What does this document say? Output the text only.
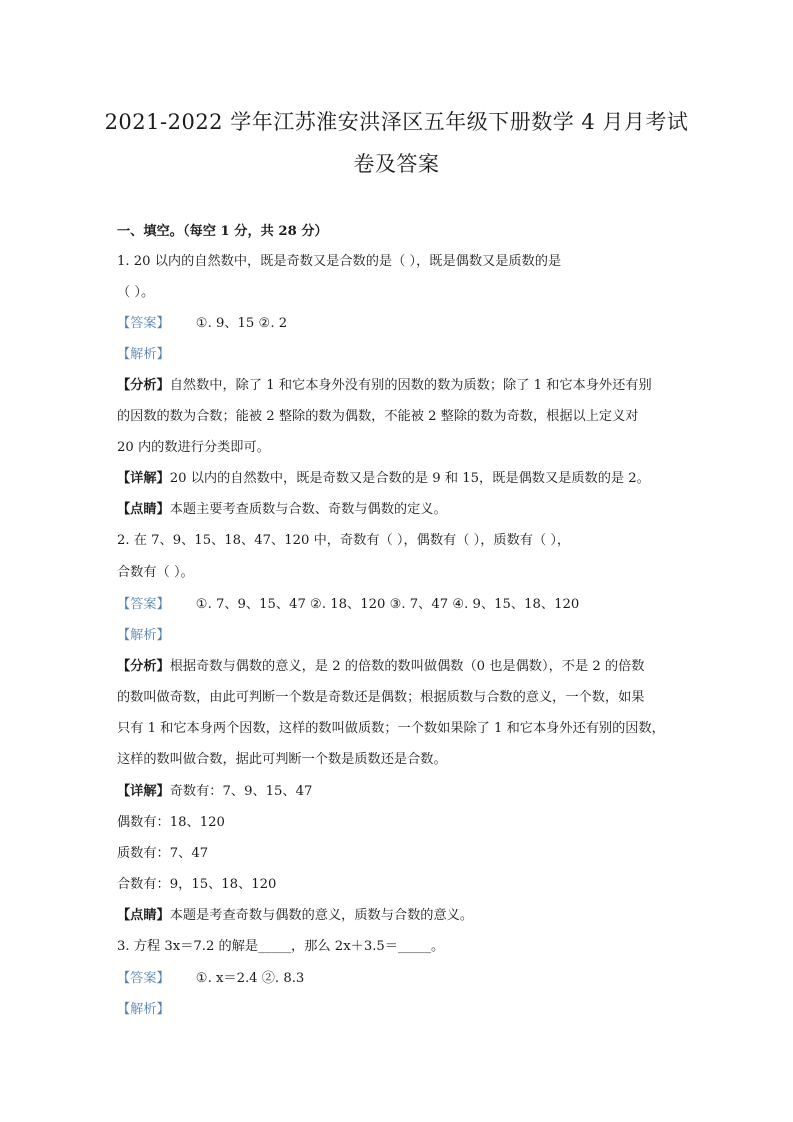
2021-2022 学年江苏淮安洪泽区五年级下册数学 4 月月考试
卷及答案
一、填空。（每空 1 分，共 28 分）
1. 20 以内的自然数中，既是奇数又是合数的是（ ），既是偶数又是质数的是
（ ）。
【答案】 ①. 9、15 ②. 2
【解析】
【分析】自然数中，除了 1 和它本身外没有别的因数的数为质数；除了 1 和它本身外还有别
的因数的数为合数；能被 2 整除的数为偶数，不能被 2 整除的数为奇数，根据以上定义对
20 内的数进行分类即可。
【详解】20 以内的自然数中，既是奇数又是合数的是 9 和 15，既是偶数又是质数的是 2。
【点睛】本题主要考查质数与合数、奇数与偶数的定义。
2. 在 7、9、15、18、47、120 中，奇数有（ ），偶数有（ ），质数有（ ），
合数有（ ）。
【答案】 ①. 7、9、15、47 ②. 18、120 ③. 7、47 ④. 9、15、18、120
【解析】
【分析】根据奇数与偶数的意义，是 2 的倍数的数叫做偶数（0 也是偶数），不是 2 的倍数
的数叫做奇数，由此可判断一个数是奇数还是偶数；根据质数与合数的意义，一个数，如果
只有 1 和它本身两个因数，这样的数叫做质数；一个数如果除了 1 和它本身外还有别的因数，
这样的数叫做合数，据此可判断一个数是质数还是合数。
【详解】奇数有：7、9、15、47
偶数有：18、120
质数有：7、47
合数有：9，15、18、120
【点睛】本题是考查奇数与偶数的意义，质数与合数的意义。
3. 方程 3x＝7.2 的解是_____，那么 2x＋3.5＝_____。
【答案】 ①. x＝2.4 ②. 8.3
【解析】
